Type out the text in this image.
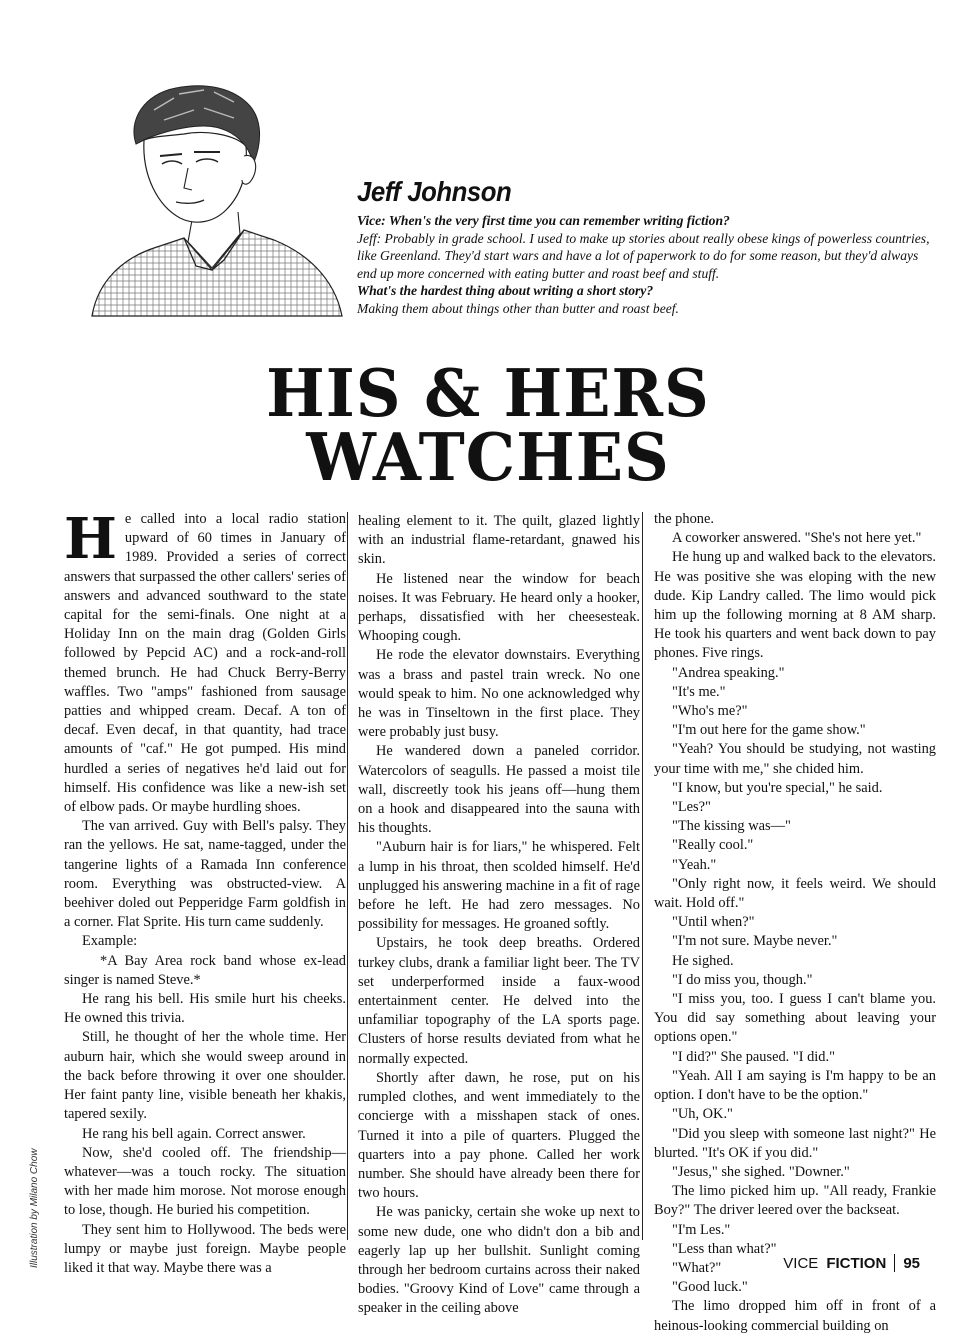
Jeff Johnson

Vice: When's the very first time you can remember writing fiction?

Jeff: Probably in grade school. I used to make up stories about really obese kings of powerless countries, like Greenland. They'd start wars and have a lot of paperwork to do for some reason, but they'd always end up more concerned with eating butter and roast beef and stuff.

What's the hardest thing about writing a short story?

Making them about things other than butter and roast beef.

HIS & HERS
WATCHES

He called into a local radio station upward of 60 times in January of 1989. Provided a series of correct answers that surpassed the other callers' series of answers and advanced southward to the state capital for the semi-finals. One night at a Holiday Inn on the main drag (Golden Girls followed by Pepcid AC) and a rock-and-roll themed brunch. He had Chuck Berry-Berry waffles. Two "amps" fashioned from sausage patties and whipped cream. Decaf. A ton of decaf. Even decaf, in that quantity, had trace amounts of "caf." He got pumped. His mind hurdled a series of negatives he'd laid out for himself. His confidence was like a new-ish set of elbow pads. Or maybe hurdling shoes.

The van arrived. Guy with Bell's palsy. They ran the yellows. He sat, name-tagged, under the tangerine lights of a Ramada Inn conference room. Everything was obstructed-view. A beehiver doled out Pepperidge Farm goldfish in a corner. Flat Sprite. His turn came suddenly.

Example:

*A Bay Area rock band whose ex-lead singer is named Steve.*

He rang his bell. His smile hurt his cheeks. He owned this trivia.

Still, he thought of her the whole time. Her auburn hair, which she would sweep around in the back before throwing it over one shoulder. Her faint panty line, visible beneath her khakis, tapered sexily.

He rang his bell again. Correct answer.

Now, she'd cooled off. The friendship—whatever—was a touch rocky. The situation with her made him morose. Not morose enough to lose, though. He buried his competition.

They sent him to Hollywood. The beds were lumpy or maybe just foreign. Maybe people liked it that way. Maybe there was a

healing element to it. The quilt, glazed lightly with an industrial flame-retardant, gnawed his skin.

He listened near the window for beach noises. It was February. He heard only a hooker, perhaps, dissatisfied with her cheesesteak. Whooping cough.

He rode the elevator downstairs. Everything was a brass and pastel train wreck. No one would speak to him. No one acknowledged why he was in Tinseltown in the first place. They were probably just busy.

He wandered down a paneled corridor. Watercolors of seagulls. He passed a moist tile wall, discreetly took his jeans off—hung them on a hook and disappeared into the sauna with his thoughts.

"Auburn hair is for liars," he whispered. Felt a lump in his throat, then scolded himself. He'd unplugged his answering machine in a fit of rage before he left. He had zero messages. No possibility for messages. He groaned softly.

Upstairs, he took deep breaths. Ordered turkey clubs, drank a familiar light beer. The TV set underperformed inside a faux-wood entertainment center. He delved into the unfamiliar topography of the LA sports page. Clusters of horse results deviated from what he normally expected.

Shortly after dawn, he rose, put on his rumpled clothes, and went immediately to the concierge with a misshapen stack of ones. Turned it into a pile of quarters. Plugged the quarters into a pay phone. Called her work number. She should have already been there for two hours.

He was panicky, certain she woke up next to some new dude, one who didn't don a bib and eagerly lap up her bullshit. Sunlight coming through her bedroom curtains across their naked bodies. "Groovy Kind of Love" came through a speaker in the ceiling above

the phone.

A coworker answered. "She's not here yet."

He hung up and walked back to the elevators. He was positive she was eloping with the new dude. Kip Landry called. The limo would pick him up the following morning at 8 AM sharp. He took his quarters and went back down to pay phones. Five rings.

"Andrea speaking."

"It's me."

"Who's me?"

"I'm out here for the game show."

"Yeah? You should be studying, not wasting your time with me," she chided him.

"I know, but you're special," he said.

"Les?"

"The kissing was—"

"Really cool."

"Yeah."

"Only right now, it feels weird. We should wait. Hold off."

"Until when?"

"I'm not sure. Maybe never."

He sighed.

"I do miss you, though."

"I miss you, too. I guess I can't blame you. You did say something about leaving your options open."

"I did?" She paused. "I did."

"Yeah. All I am saying is I'm happy to be an option. I don't have to be the option."

"Uh, OK."

"Did you sleep with someone last night?" He blurted. "It's OK if you did."

"Jesus," she sighed. "Downer."

The limo picked him up. "All ready, Frankie Boy?" The driver leered over the backseat.

"I'm Les."

"Less than what?"

"What?"

"Good luck."

The limo dropped him off in front of a heinous-looking commercial building on

Illustration by Milano Chow	VICE FICTION 95
